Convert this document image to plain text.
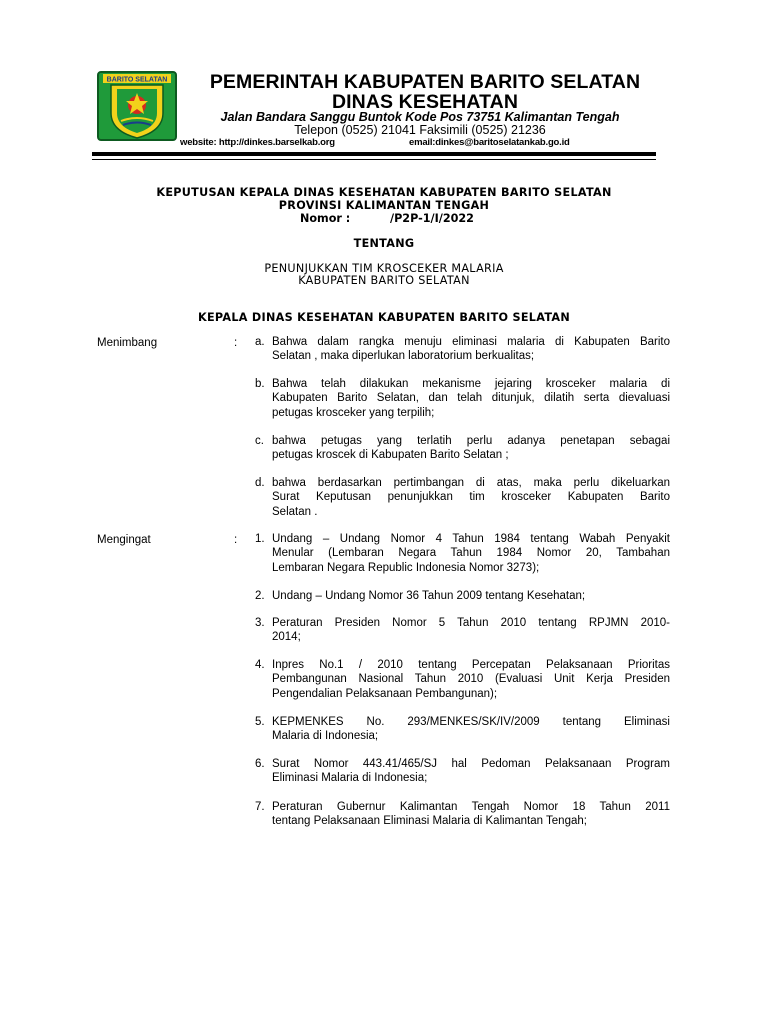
BARITO SELATAN	PEMERINTAH KABUPATEN BARITO SELATAN
DINAS KESEHATAN
Jalan Bandara Sanggu Buntok Kode Pos 73751 Kalimantan Tengah
Telepon (0525) 21041 Faksimili (0525) 21236
website: http://dinkes.barselkab.org	email:dinkes@baritoselatankab.go.id
KEPUTUSAN KEPALA DINAS KESEHATAN KABUPATEN BARITO SELATAN
PROVINSI KALIMANTAN TENGAH
Nomor :	/P2P-1/I/2022
TENTANG
PENUNJUKKAN TIM KROSCEKER MALARIA
KABUPATEN BARITO SELATAN
KEPALA DINAS KESEHATAN KABUPATEN BARITO SELATAN
Menimbang	: a. Bahwa dalam rangka menuju eliminasi malaria di Kabupaten Barito
Selatan , maka diperlukan laboratorium berkualitas;
b. Bahwa telah dilakukan mekanisme jejaring krosceker malaria di
Kabupaten Barito Selatan, dan telah ditunjuk, dilatih serta dievaluasi
petugas krosceker yang terpilih;
c. bahwa petugas yang terlatih perlu adanya penetapan sebagai
petugas kroscek di Kabupaten Barito Selatan ;
d. bahwa berdasarkan pertimbangan di atas, maka perlu dikeluarkan
Surat Keputusan penunjukkan tim krosceker Kabupaten Barito
Selatan .
Mengingat	: 1. Undang – Undang Nomor 4 Tahun 1984 tentang Wabah Penyakit
Menular (Lembaran Negara Tahun 1984 Nomor 20, Tambahan
Lembaran Negara Republic Indonesia Nomor 3273);
2. Undang – Undang Nomor 36 Tahun 2009 tentang Kesehatan;
3. Peraturan Presiden Nomor 5 Tahun 2010 tentang RPJMN 2010-
2014;
4. Inpres No.1 / 2010 tentang Percepatan Pelaksanaan Prioritas
Pembangunan Nasional Tahun 2010 (Evaluasi Unit Kerja Presiden
Pengendalian Pelaksanaan Pembangunan);
5. KEPMENKES No. 293/MENKES/SK/IV/2009 tentang Eliminasi
Malaria di Indonesia;
6. Surat Nomor 443.41/465/SJ hal Pedoman Pelaksanaan Program
Eliminasi Malaria di Indonesia;
7. Peraturan Gubernur Kalimantan Tengah Nomor 18 Tahun 2011
tentang Pelaksanaan Eliminasi Malaria di Kalimantan Tengah;
